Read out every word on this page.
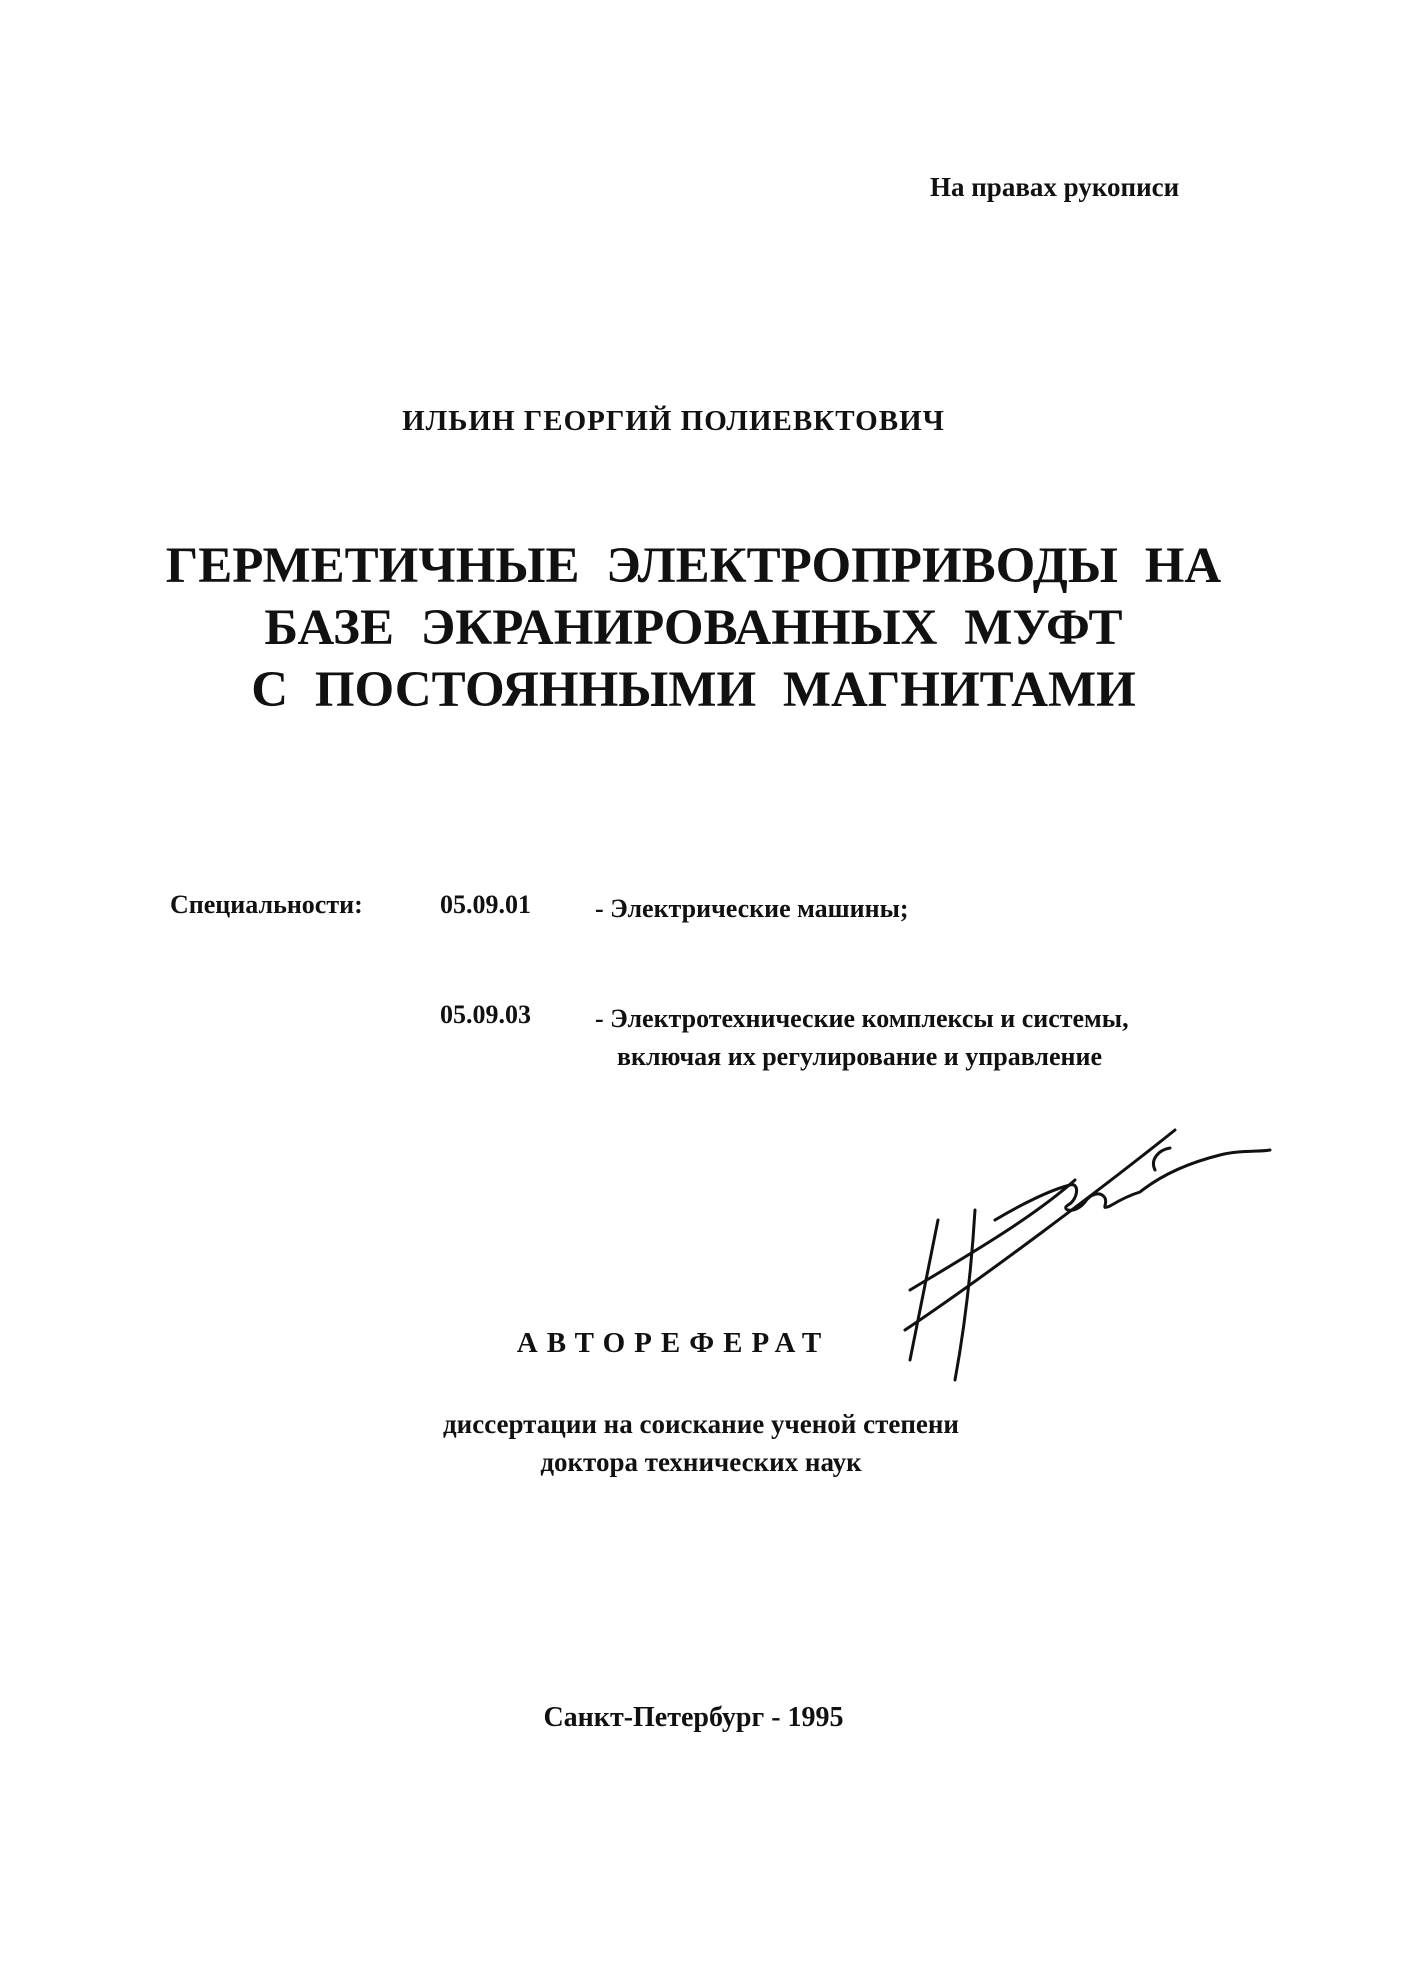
На правах рукописи
ИЛЬИН ГЕОРГИЙ ПОЛИЕВКТОВИЧ
ГЕРМЕТИЧНЫЕ ЭЛЕКТРОПРИВОДЫ НА
БАЗЕ ЭКРАНИРОВАННЫХ МУФТ
С ПОСТОЯННЫМИ МАГНИТАМИ
Специальности:	05.09.01 - Электрические машины;
05.09.03 - Электротехнические комплексы и системы,
включая их регулирование и управление
АВТОРЕФЕРАТ
диссертации на соискание ученой степени
доктора технических наук
Санкт-Петербург - 1995
